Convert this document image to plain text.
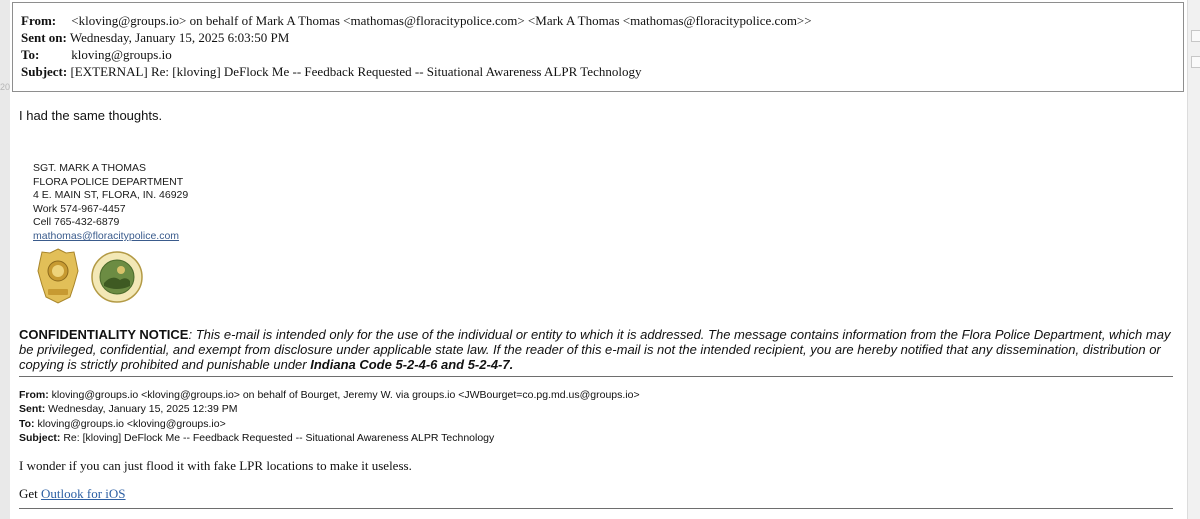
20
From: <kloving@groups.io> on behalf of Mark A Thomas <mathomas@floracitypolice.com> <Mark A Thomas <mathomas@floracitypolice.com>>
Sent on: Wednesday, January 15, 2025 6:03:50 PM
To: kloving@groups.io
Subject: [EXTERNAL] Re: [kloving] DeFlock Me -- Feedback Requested -- Situational Awareness ALPR Technology
I had the same thoughts.
SGT. MARK A THOMAS
FLORA POLICE DEPARTMENT
4 E. MAIN ST, FLORA, IN. 46929
Work 574-967-4457
Cell 765-432-6879
mathomas@floracitypolice.com
CONFIDENTIALITY NOTICE: This e-mail is intended only for the use of the individual or entity to which it is addressed. The message contains information from the Flora Police Department, which may be privileged, confidential, and exempt from disclosure under applicable state law. If the reader of this e-mail is not the intended recipient, you are hereby notified that any dissemination, distribution or copying is strictly prohibited and punishable under Indiana Code 5-2-4-6 and 5-2-4-7.
From: kloving@groups.io <kloving@groups.io> on behalf of Bourget, Jeremy W. via groups.io <JWBourget=co.pg.md.us@groups.io>
Sent: Wednesday, January 15, 2025 12:39 PM
To: kloving@groups.io <kloving@groups.io>
Subject: Re: [kloving] DeFlock Me -- Feedback Requested -- Situational Awareness ALPR Technology
I wonder if you can just flood it with fake LPR locations to make it useless.
Get Outlook for iOS
